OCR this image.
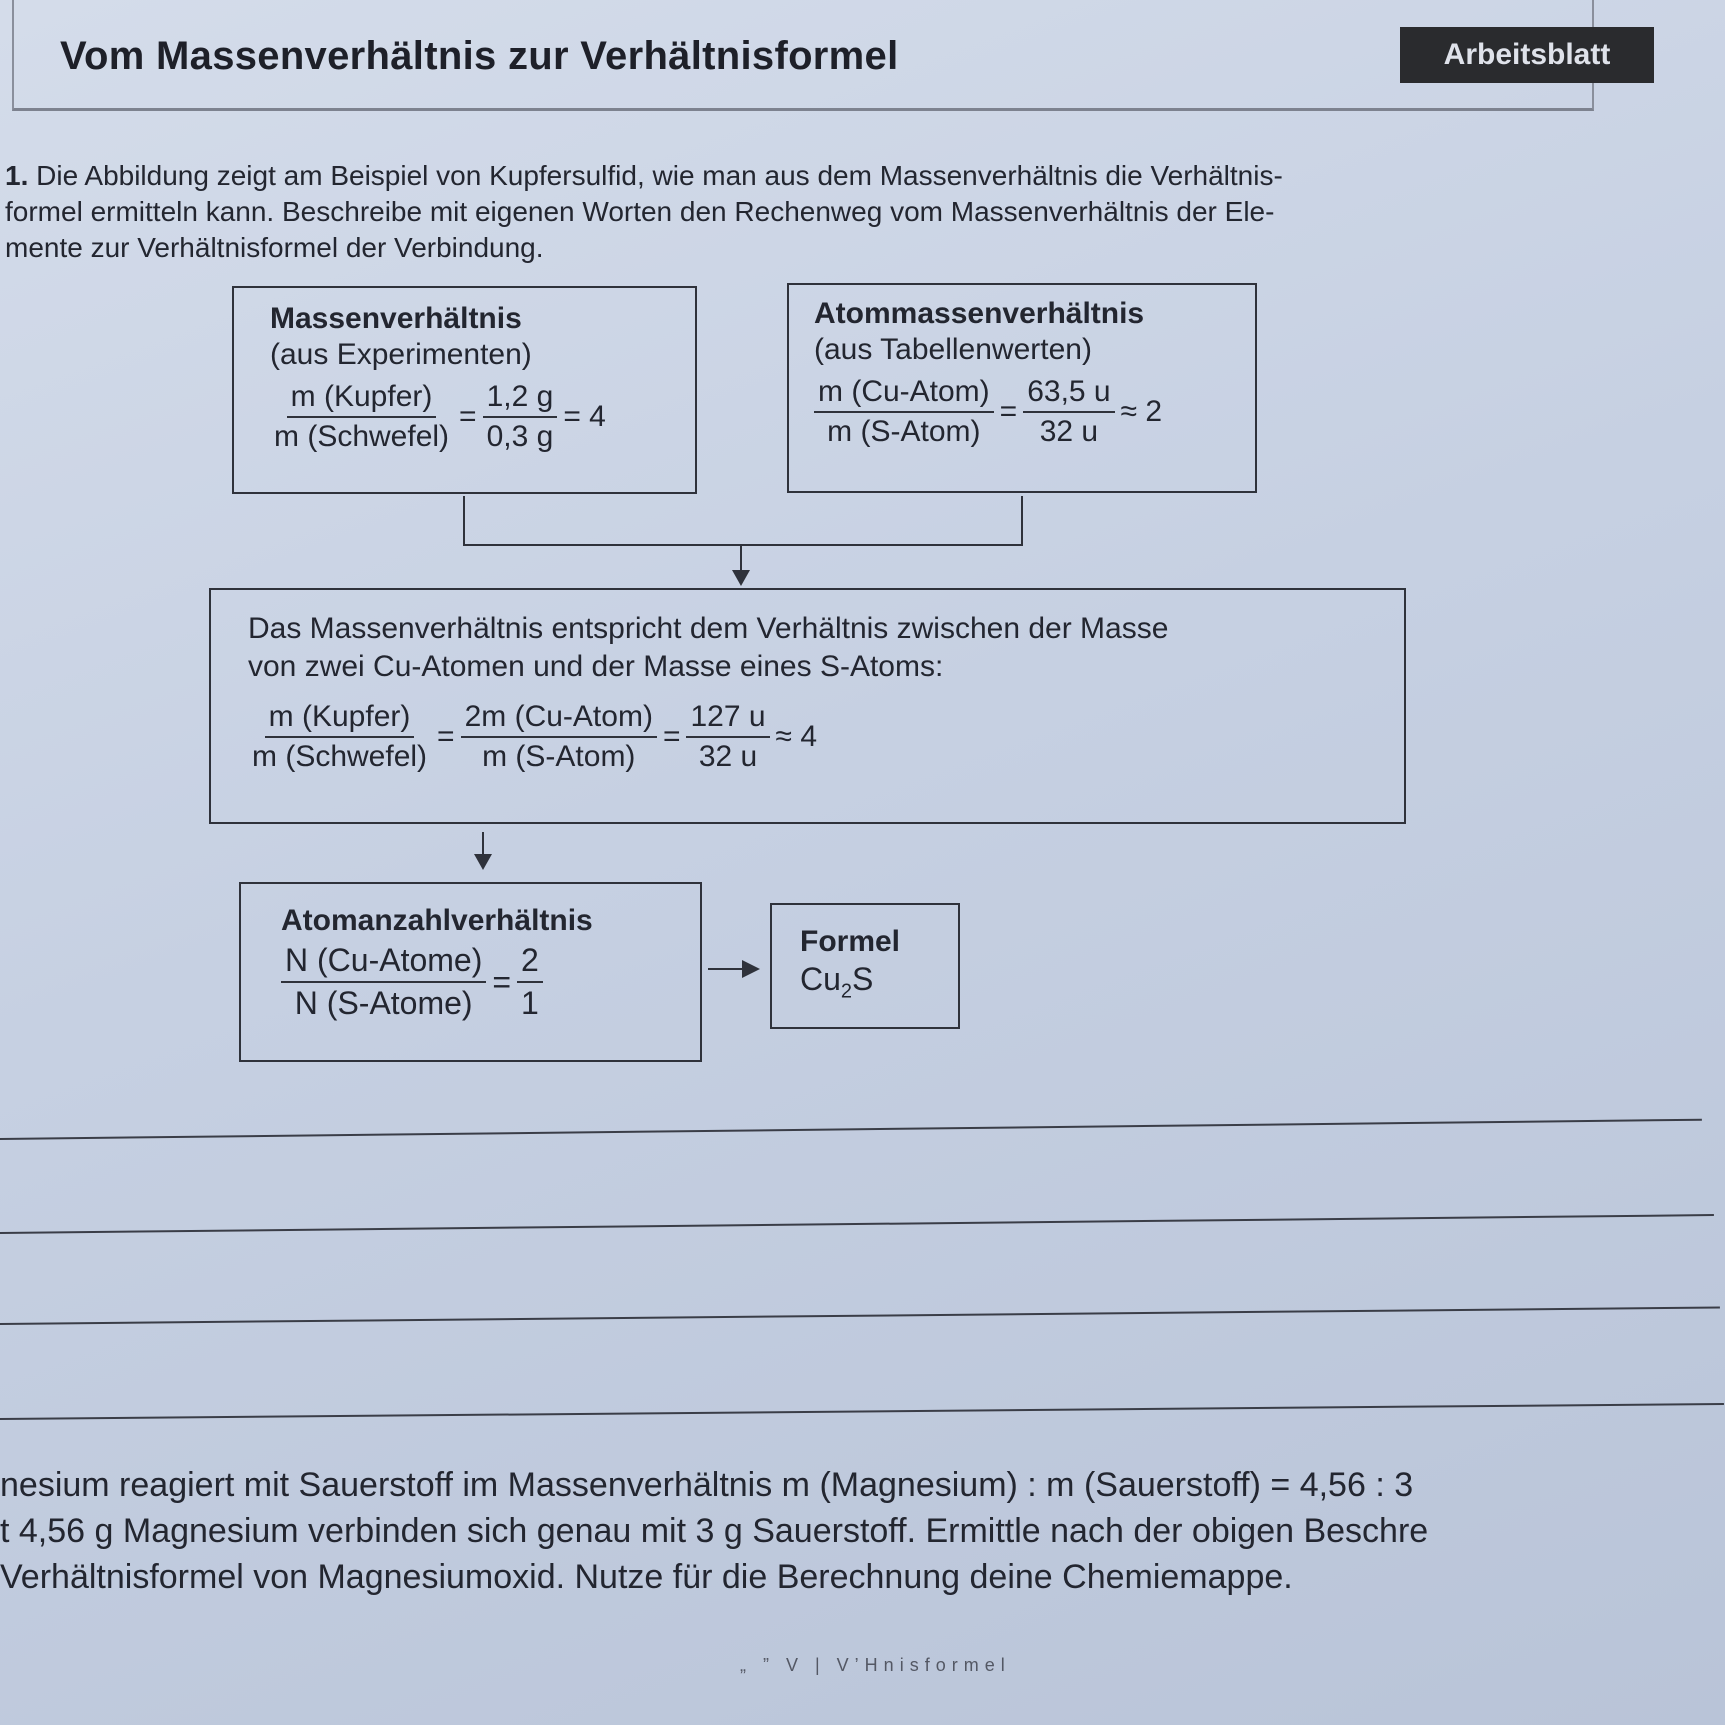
Vom Massenverhältnis zur Verhältnisformel	Arbeitsblatt
1. Die Abbildung zeigt am Beispiel von Kupfersulfid, wie man aus dem Massenverhältnis die Verhältnis-
formel ermitteln kann. Beschreibe mit eigenen Worten den Rechenweg vom Massenverhältnis der Ele-
mente zur Verhältnisformel der Verbindung.
Massenverhältnis
(aus Experimenten)
$\frac{\text{m (Kupfer)}}{\text{m (Schwefel)}} = \frac{1,2 g}{0,3 g} = 4$
Atommassenverhältnis
(aus Tabellenwerten)
$\frac{\text{m (Cu-Atom)}}{\text{m (S-Atom)}} = \frac{63,5 u}{32 u} \approx 2$
Das Massenverhältnis entspricht dem Verhältnis zwischen der Masse
von zwei Cu-Atomen und der Masse eines S-Atoms:
$\frac{\text{m (Kupfer)}}{\text{m (Schwefel)}} = \frac{\text{2m (Cu-Atom)}}{\text{m (S-Atom)}} = \frac{127 u}{32 u} \approx 4$
Atomanzahlverhältnis
$\frac{\text{N (Cu-Atome)}}{\text{N (S-Atome)}} = \frac{2}{1}$
Formel
$Cu_2S$
nesium reagiert mit Sauerstoff im Massenverhältnis m (Magnesium) : m (Sauerstoff) = 4,56 : 3
t 4,56 g Magnesium verbinden sich genau mit 3 g Sauerstoff. Ermittle nach der obigen Beschre
Verhältnisformel von Magnesiumoxid. Nutze für die Berechnung deine Chemiemappe.
„ ” V | V’Hnisformel
